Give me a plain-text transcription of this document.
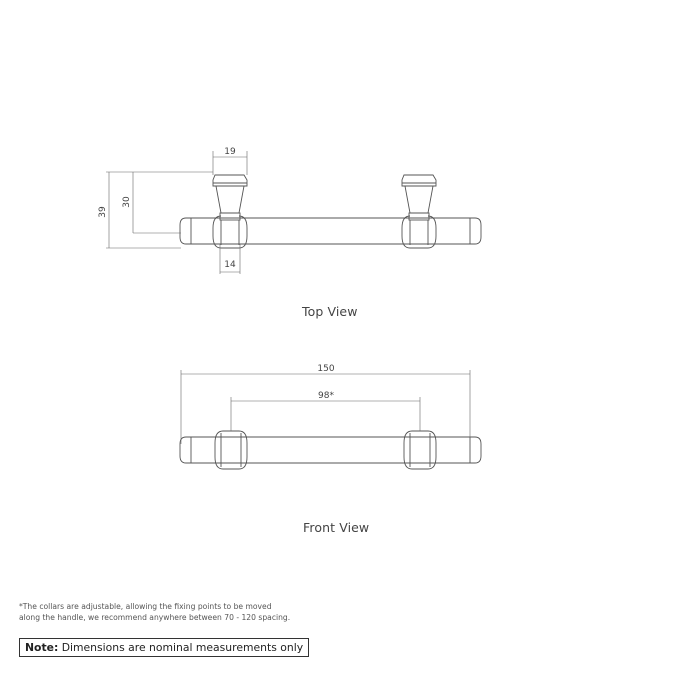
19
14
39
30
150
98*
Top View
Front View
*The collars are adjustable, allowing the fixing points to be moved
along the handle, we recommend anywhere between 70 - 120 spacing.
Note: Dimensions are nominal measurements only
